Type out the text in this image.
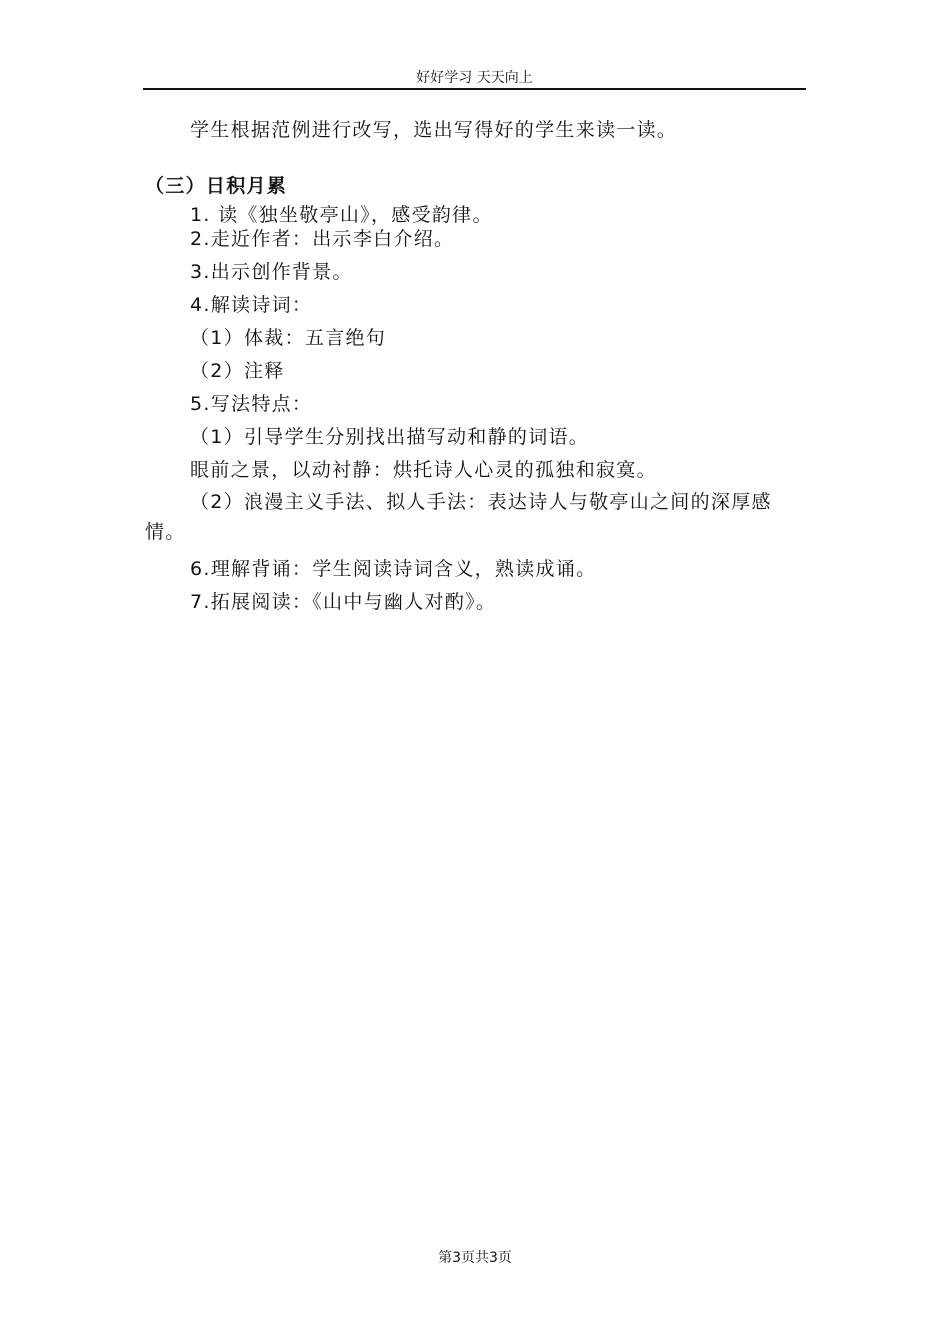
好好学习 天天向上
学生根据范例进行改写，选出写得好的学生来读一读。
（三）日积月累
1. 读《独坐敬亭山》，感受韵律。
2.走近作者：出示李白介绍。
3.出示创作背景。
4.解读诗词：
（1）体裁：五言绝句
（2）注释
5.写法特点：
（1）引导学生分别找出描写动和静的词语。
眼前之景，以动衬静：烘托诗人心灵的孤独和寂寞。
（2）浪漫主义手法、拟人手法：表达诗人与敬亭山之间的深厚感情。
6.理解背诵：学生阅读诗词含义，熟读成诵。
7.拓展阅读：《山中与幽人对酌》。
第3页共3页
